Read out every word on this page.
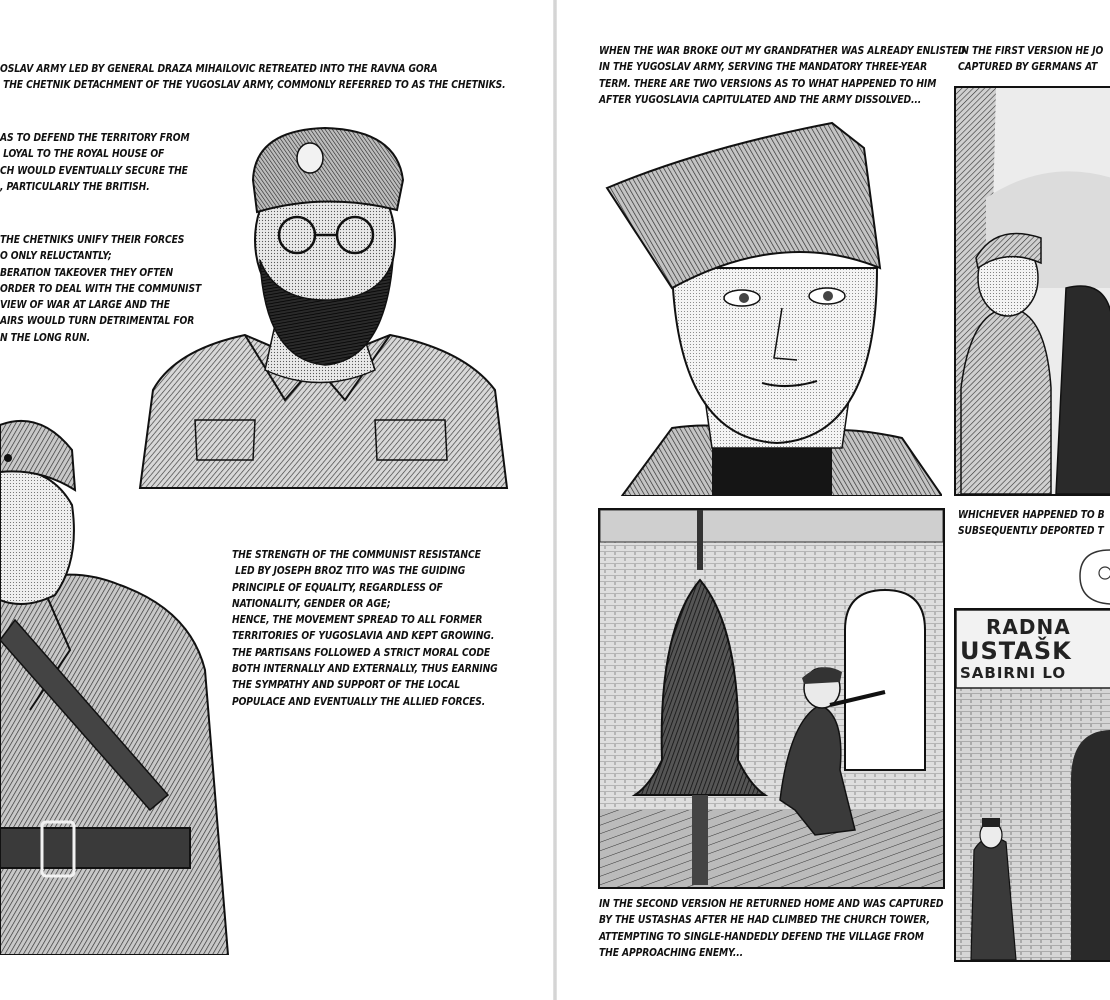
OSLAV ARMY LED BY GENERAL DRAZA MIHAILOVIC RETREATED INTO THE RAVNA GORA
THE CHETNIK DETACHMENT OF THE YUGOSLAV ARMY, COMMONLY REFERRED TO AS THE CHETNIKS.
AS TO DEFEND THE TERRITORY FROM
LOYAL TO THE ROYAL HOUSE OF
CH WOULD EVENTUALLY SECURE THE
, PARTICULARLY THE BRITISH.
THE CHETNIKS UNIFY THEIR FORCES
O ONLY RELUCTANTLY;
BERATION TAKEOVER THEY OFTEN
ORDER TO DEAL WITH THE COMMUNIST
VIEW OF WAR AT LARGE AND THE
AIRS WOULD TURN DETRIMENTAL FOR
N THE LONG RUN.
THE STRENGTH OF THE COMMUNIST RESISTANCE
LED BY JOSEPH BROZ TITO WAS THE GUIDING
PRINCIPLE OF EQUALITY, REGARDLESS OF
NATIONALITY, GENDER OR AGE;
HENCE, THE MOVEMENT SPREAD TO ALL FORMER
TERRITORIES OF YUGOSLAVIA AND KEPT GROWING.
THE PARTISANS FOLLOWED A STRICT MORAL CODE
BOTH INTERNALLY AND EXTERNALLY, THUS EARNING
THE SYMPATHY AND SUPPORT OF THE LOCAL
POPULACE AND EVENTUALLY THE ALLIED FORCES.
WHEN THE WAR BROKE OUT MY GRANDFATHER WAS ALREADY ENLISTED
IN THE YUGOSLAV ARMY, SERVING THE MANDATORY THREE-YEAR
TERM. THERE ARE TWO VERSIONS AS TO WHAT HAPPENED TO HIM
AFTER YUGOSLAVIA CAPITULATED AND THE ARMY DISSOLVED...
IN THE FIRST VERSION HE JO
CAPTURED BY GERMANS AT
IN THE SECOND VERSION HE RETURNED HOME AND WAS CAPTURED
BY THE USTASHAS AFTER HE HAD CLIMBED THE CHURCH TOWER,
ATTEMPTING TO SINGLE-HANDEDLY DEFEND THE VILLAGE FROM
THE APPROACHING ENEMY...
WHICHEVER HAPPENED TO B
SUBSEQUENTLY DEPORTED T
RADNA
USTAŠK
SABIRNI LO
